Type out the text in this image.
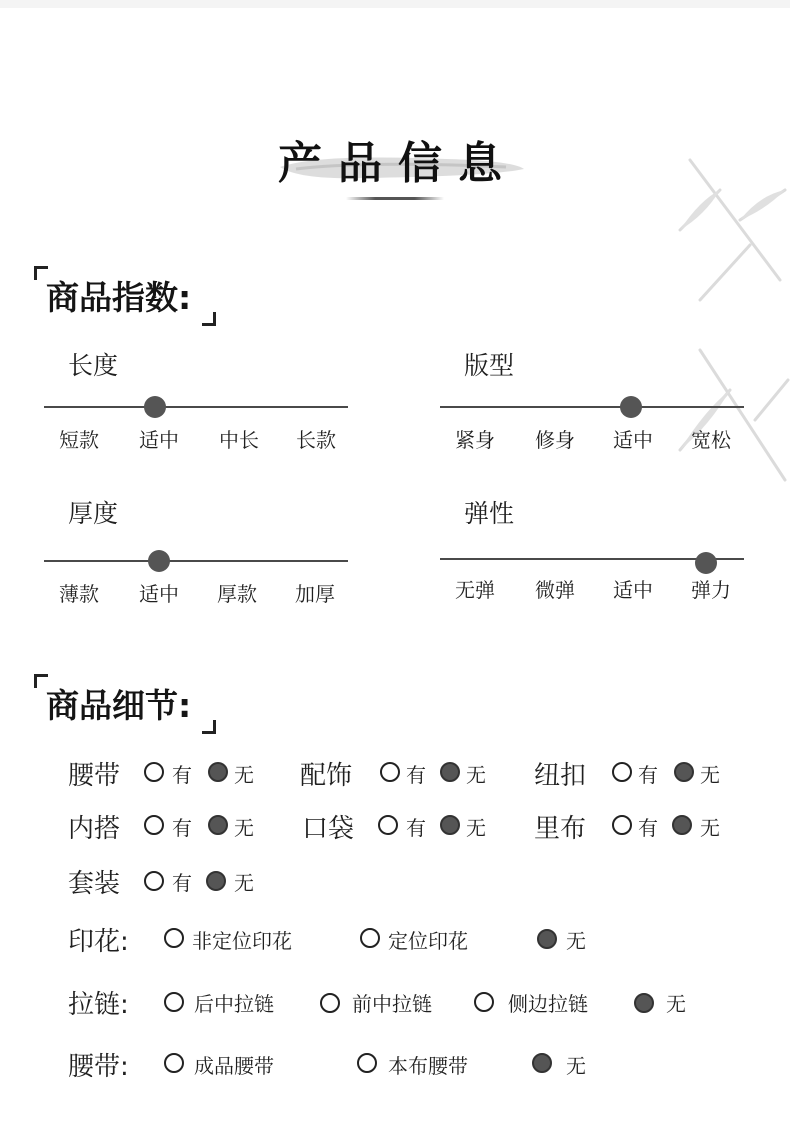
产品信息
商品指数:
长度
短款	适中	中长	长款
版型
紧身	修身	适中	宽松
厚度
薄款	适中	厚款	加厚
弹性
无弹	微弹	适中	弹力
商品细节:
腰带	有 无 配饰	有 无 纽扣	有 无
内搭	有 无 口袋	有 无 里布	有 无
套装	有 无
印花:	非定位印花	定位印花	无
拉链:	后中拉链	前中拉链	侧边拉链	无
腰带:	成品腰带	本布腰带	无
